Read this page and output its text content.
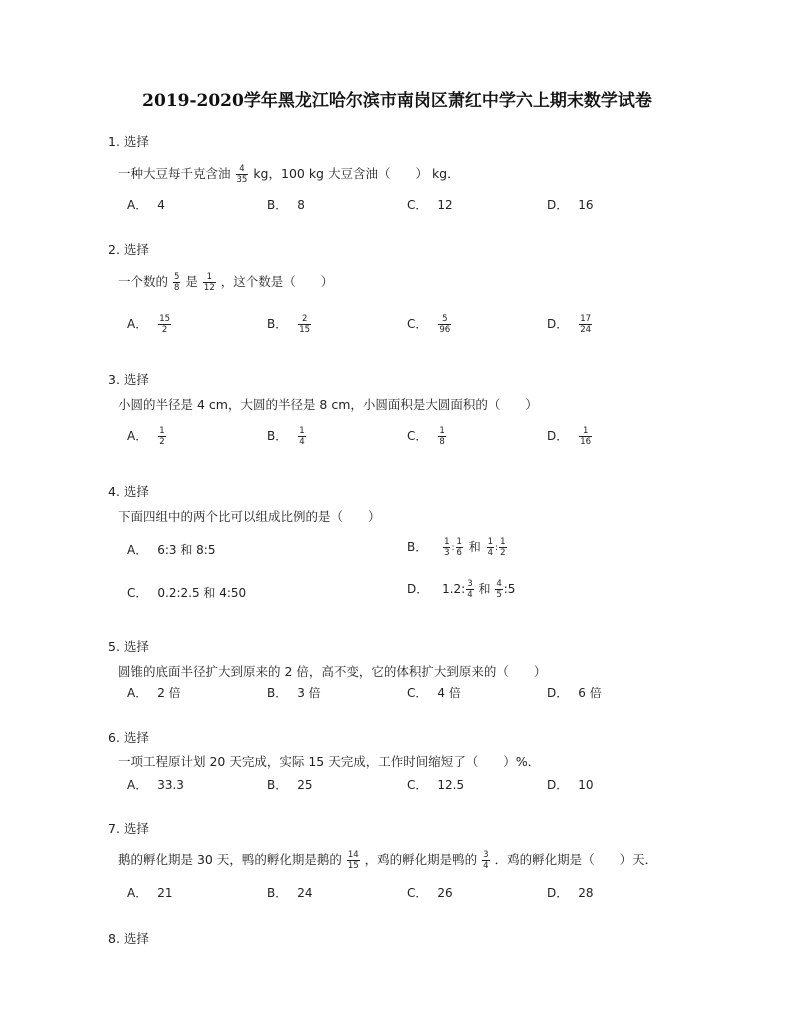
2019-2020学年黑龙江哈尔滨市南岗区萧红中学六上期末数学试卷
1. 选择
一种大豆每千克含油 $\frac{4}{35}$ kg，100 kg 大豆含油（　　） kg．
A． 4	B． 8	C． 12	D． 16
2. 选择
一个数的 $\frac{5}{8}$ 是 $\frac{1}{12}$ ，这个数是（　　）
A． $\frac{15}{2}$	B． $\frac{2}{15}$	C． $\frac{5}{96}$	D． $\frac{17}{24}$
3. 选择
小圆的半径是 4 cm，大圆的半径是 8 cm，小圆面积是大圆面积的（　　）
A． $\frac{1}{2}$	B． $\frac{1}{4}$	C． $\frac{1}{8}$	D． $\frac{1}{16}$
4. 选择
下面四组中的两个比可以组成比例的是（　　）
A． 6:3 和 8:5	B． $\frac{1}{3}$ : $\frac{1}{6}$ 和 $\frac{1}{4}$ : $\frac{1}{2}$
C． 0.2:2.5 和 4:50	D． 1.2: $\frac{3}{4}$ 和 $\frac{4}{5}$ :5
5. 选择
圆锥的底面半径扩大到原来的 2 倍，高不变，它的体积扩大到原来的（　　）
A． 2 倍	B． 3 倍	C． 4 倍	D． 6 倍
6. 选择
一项工程原计划 20 天完成，实际 15 天完成，工作时间缩短了（　　）%．
A． 33.3	B． 25	C． 12.5	D． 10
7. 选择
鹅的孵化期是 30 天，鸭的孵化期是鹅的 $\frac{14}{15}$ ，鸡的孵化期是鸭的 $\frac{3}{4}$ ．鸡的孵化期是（　　）天．
A． 21	B． 24	C． 26	D． 28
8. 选择
